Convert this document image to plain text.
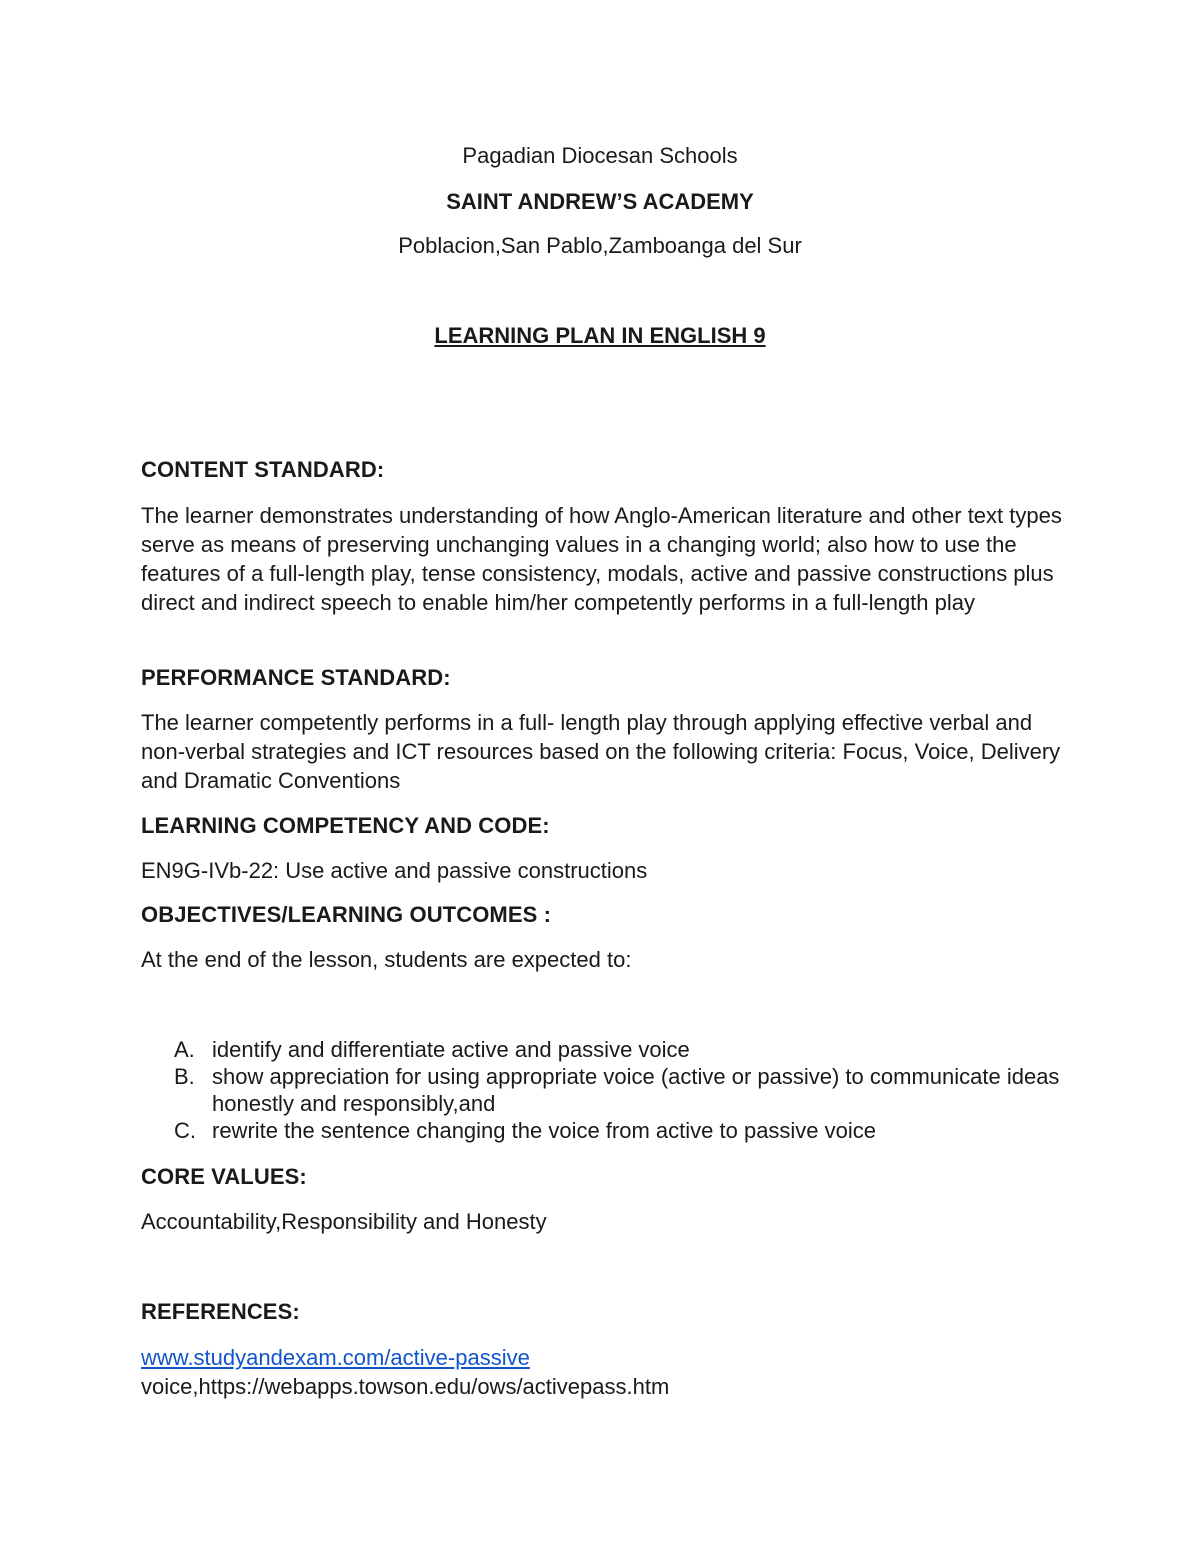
Pagadian Diocesan Schools
SAINT ANDREW’S ACADEMY
Poblacion,San Pablo,Zamboanga del Sur
LEARNING PLAN IN ENGLISH 9
CONTENT STANDARD:
The learner demonstrates understanding of how Anglo-American literature and other text types serve as means of preserving unchanging values in a changing world; also how to use the features of a full-length play, tense consistency, modals, active and passive constructions plus direct and indirect speech to enable him/her competently performs in a full-length play
PERFORMANCE STANDARD:
The learner competently performs in a full- length play through applying effective verbal and non-verbal strategies and ICT resources based on the following criteria: Focus, Voice, Delivery and Dramatic Conventions
LEARNING COMPETENCY AND CODE:
EN9G-IVb-22: Use active and passive constructions
OBJECTIVES/LEARNING OUTCOMES :
At the end of the lesson, students are expected to:
A. identify and differentiate active and passive voice
B. show appreciation for using appropriate voice (active or passive) to communicate ideas honestly and responsibly,and
C. rewrite the sentence changing the voice from active to passive voice
CORE VALUES:
Accountability,Responsibility and Honesty
REFERENCES:
www.studyandexam.com/active-passive
voice,https://webapps.towson.edu/ows/activepass.htm
